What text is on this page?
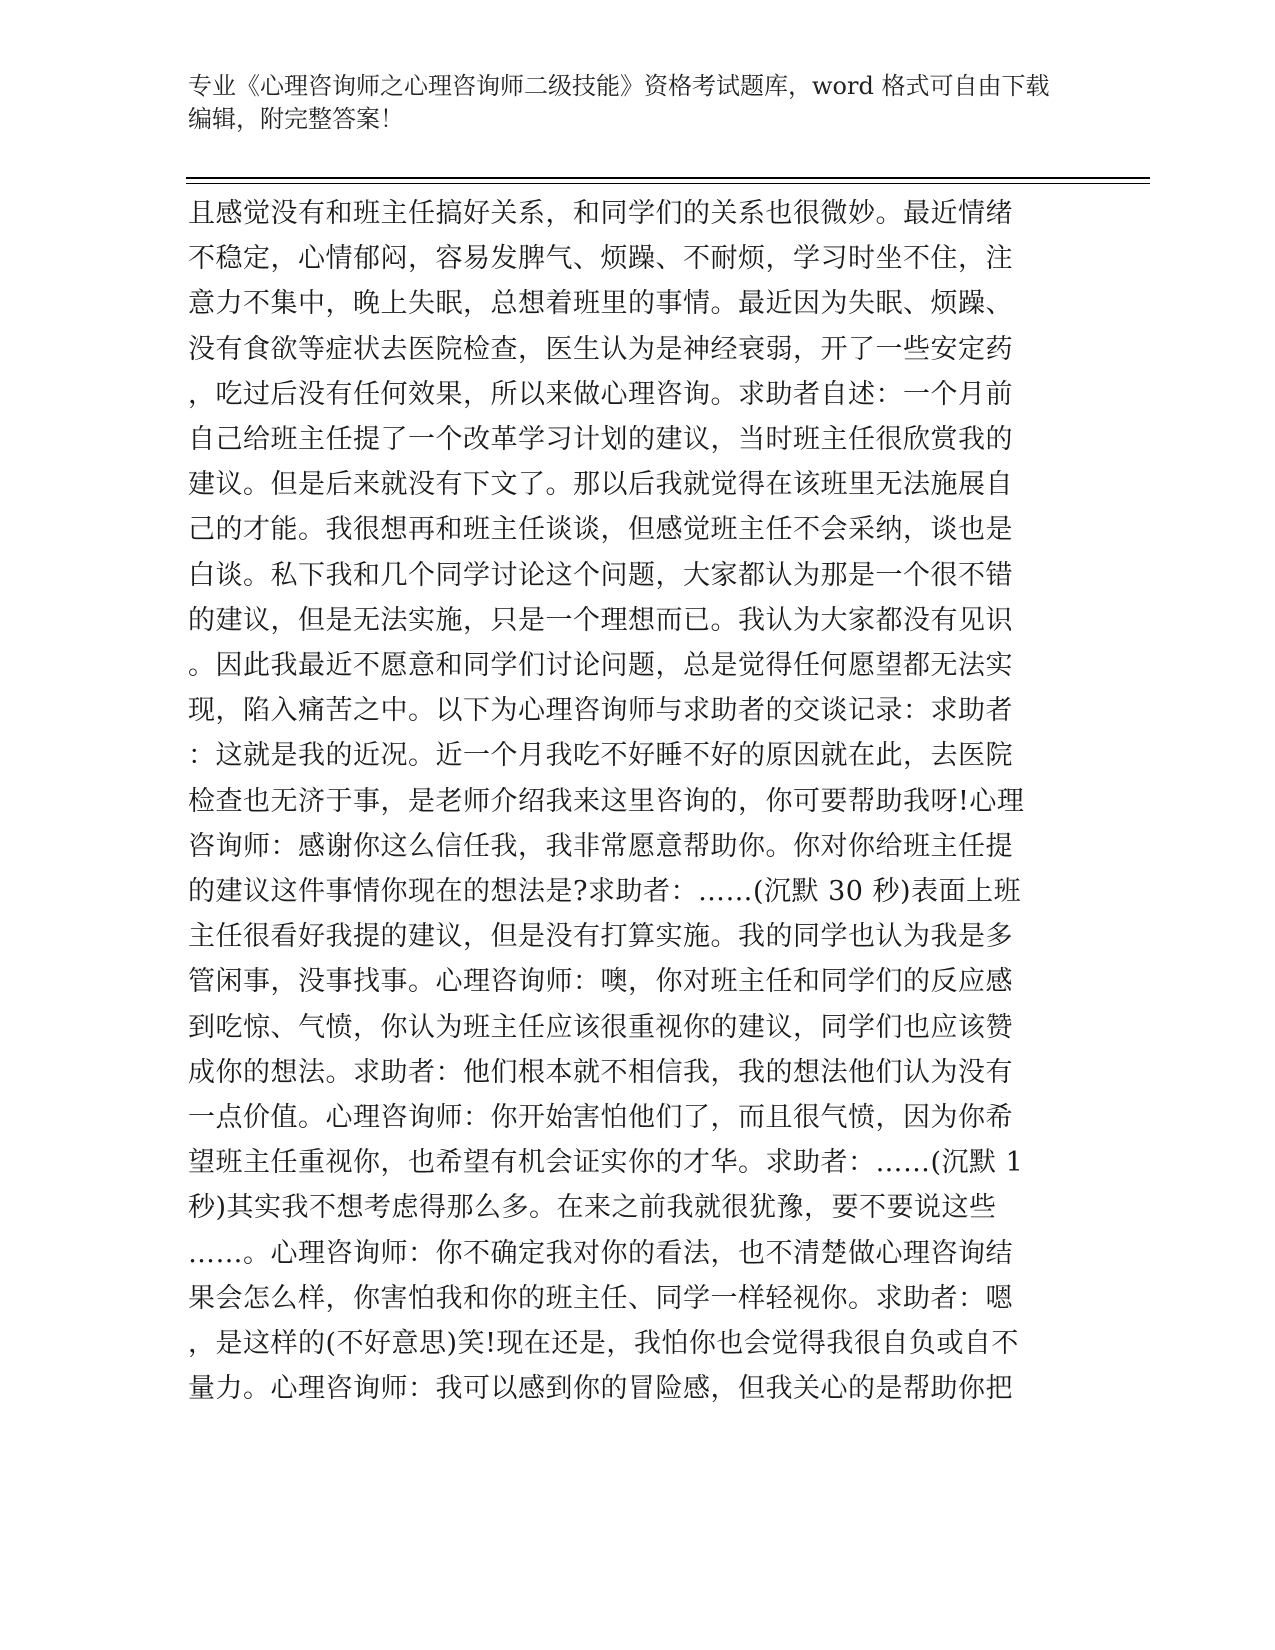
专业《心理咨询师之心理咨询师二级技能》资格考试题库，word 格式可自由下载
编辑，附完整答案！
且感觉没有和班主任搞好关系，和同学们的关系也很微妙。最近情绪
不稳定，心情郁闷，容易发脾气、烦躁、不耐烦，学习时坐不住，注
意力不集中，晚上失眠，总想着班里的事情。最近因为失眠、烦躁、
没有食欲等症状去医院检查，医生认为是神经衰弱，开了一些安定药
，吃过后没有任何效果，所以来做心理咨询。求助者自述：一个月前
自己给班主任提了一个改革学习计划的建议，当时班主任很欣赏我的
建议。但是后来就没有下文了。那以后我就觉得在该班里无法施展自
己的才能。我很想再和班主任谈谈，但感觉班主任不会采纳，谈也是
白谈。私下我和几个同学讨论这个问题，大家都认为那是一个很不错
的建议，但是无法实施，只是一个理想而已。我认为大家都没有见识
。因此我最近不愿意和同学们讨论问题，总是觉得任何愿望都无法实
现，陷入痛苦之中。以下为心理咨询师与求助者的交谈记录：求助者
：这就是我的近况。近一个月我吃不好睡不好的原因就在此，去医院
检查也无济于事，是老师介绍我来这里咨询的，你可要帮助我呀!心理
咨询师：感谢你这么信任我，我非常愿意帮助你。你对你给班主任提
的建议这件事情你现在的想法是?求助者：……(沉默 30 秒)表面上班
主任很看好我提的建议，但是没有打算实施。我的同学也认为我是多
管闲事，没事找事。心理咨询师：噢，你对班主任和同学们的反应感
到吃惊、气愤，你认为班主任应该很重视你的建议，同学们也应该赞
成你的想法。求助者：他们根本就不相信我，我的想法他们认为没有
一点价值。心理咨询师：你开始害怕他们了，而且很气愤，因为你希
望班主任重视你，也希望有机会证实你的才华。求助者：……(沉默 1
秒)其实我不想考虑得那么多。在来之前我就很犹豫，要不要说这些
……。心理咨询师：你不确定我对你的看法，也不清楚做心理咨询结
果会怎么样，你害怕我和你的班主任、同学一样轻视你。求助者：嗯
，是这样的(不好意思)笑!现在还是，我怕你也会觉得我很自负或自不
量力。心理咨询师：我可以感到你的冒险感，但我关心的是帮助你把
